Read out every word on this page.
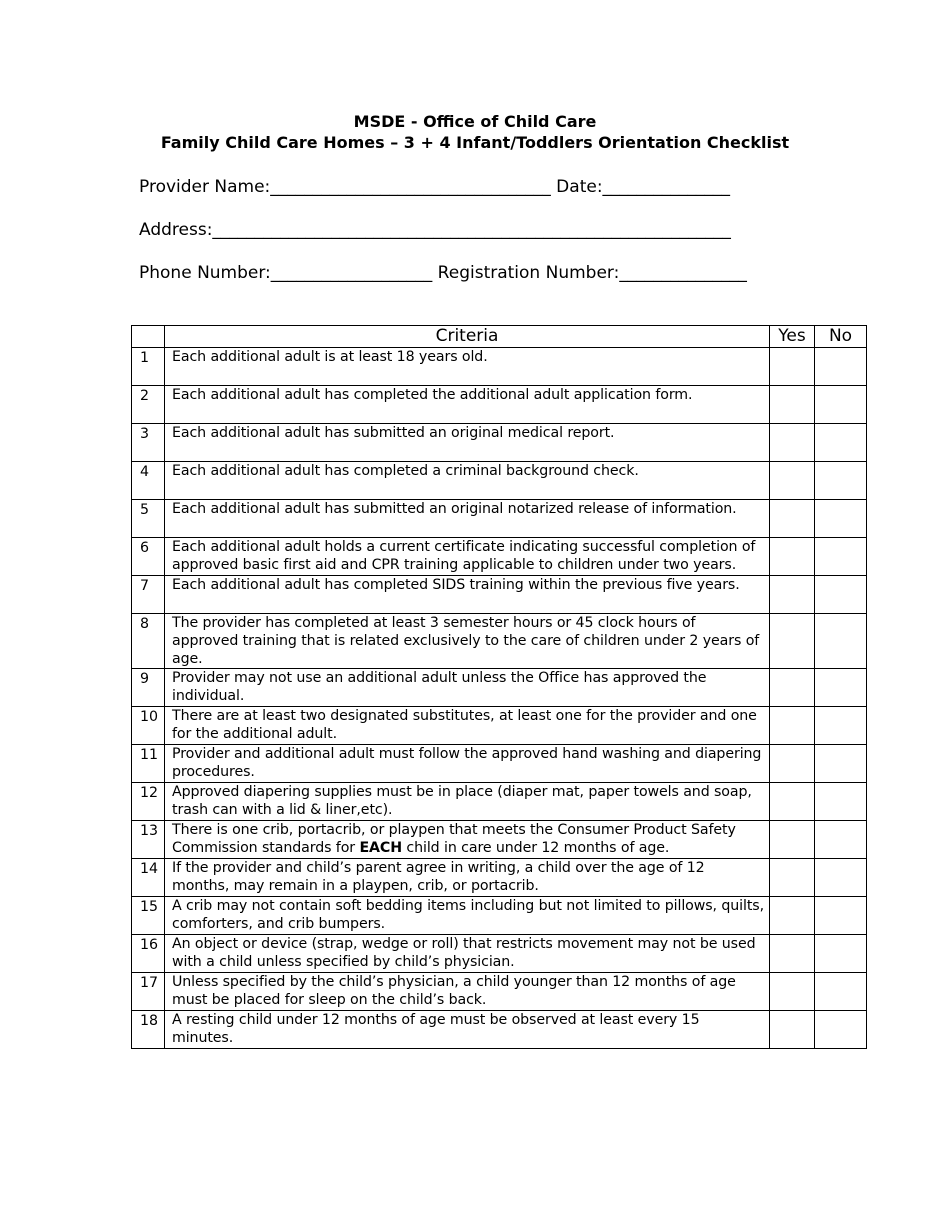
MSDE - Office of Child Care
Family Child Care Homes – 3 + 4 Infant/Toddlers Orientation Checklist
Provider Name:_________________________________ Date:_______________
Address:_____________________________________________________________
Phone Number:___________________ Registration Number:_______________
	Criteria	Yes	No
1	Each additional adult is at least 18 years old.		
2	Each additional adult has completed the additional adult application form.		
3	Each additional adult has submitted an original medical report.		
4	Each additional adult has completed a criminal background check.		
5	Each additional adult has submitted an original notarized release of information.		
6	Each additional adult holds a current certificate indicating successful completion of approved basic first aid and CPR training applicable to children under two years.		
7	Each additional adult has completed SIDS training within the previous five years.		
8	The provider has completed at least 3 semester hours or 45 clock hours of approved training that is related exclusively to the care of children under 2 years of age.		
9	Provider may not use an additional adult unless the Office has approved the individual.		
10	There are at least two designated substitutes, at least one for the provider and one for the additional adult.		
11	Provider and additional adult must follow the approved hand washing and diapering procedures.		
12	Approved diapering supplies must be in place (diaper mat, paper towels and soap, trash can with a lid & liner,etc).		
13	There is one crib, portacrib, or playpen that meets the Consumer Product Safety Commission standards for EACH child in care under 12 months of age.		
14	If the provider and child’s parent agree in writing, a child over the age of 12 months, may remain in a playpen, crib, or portacrib.		
15	A crib may not contain soft bedding items including but not limited to pillows, quilts, comforters, and crib bumpers.		
16	An object or device (strap, wedge or roll) that restricts movement may not be used with a child unless specified by child’s physician.		
17	Unless specified by the child’s physician, a child younger than 12 months of age must be placed for sleep on the child’s back.		
18	A resting child under 12 months of age must be observed at least every 15 minutes.		
